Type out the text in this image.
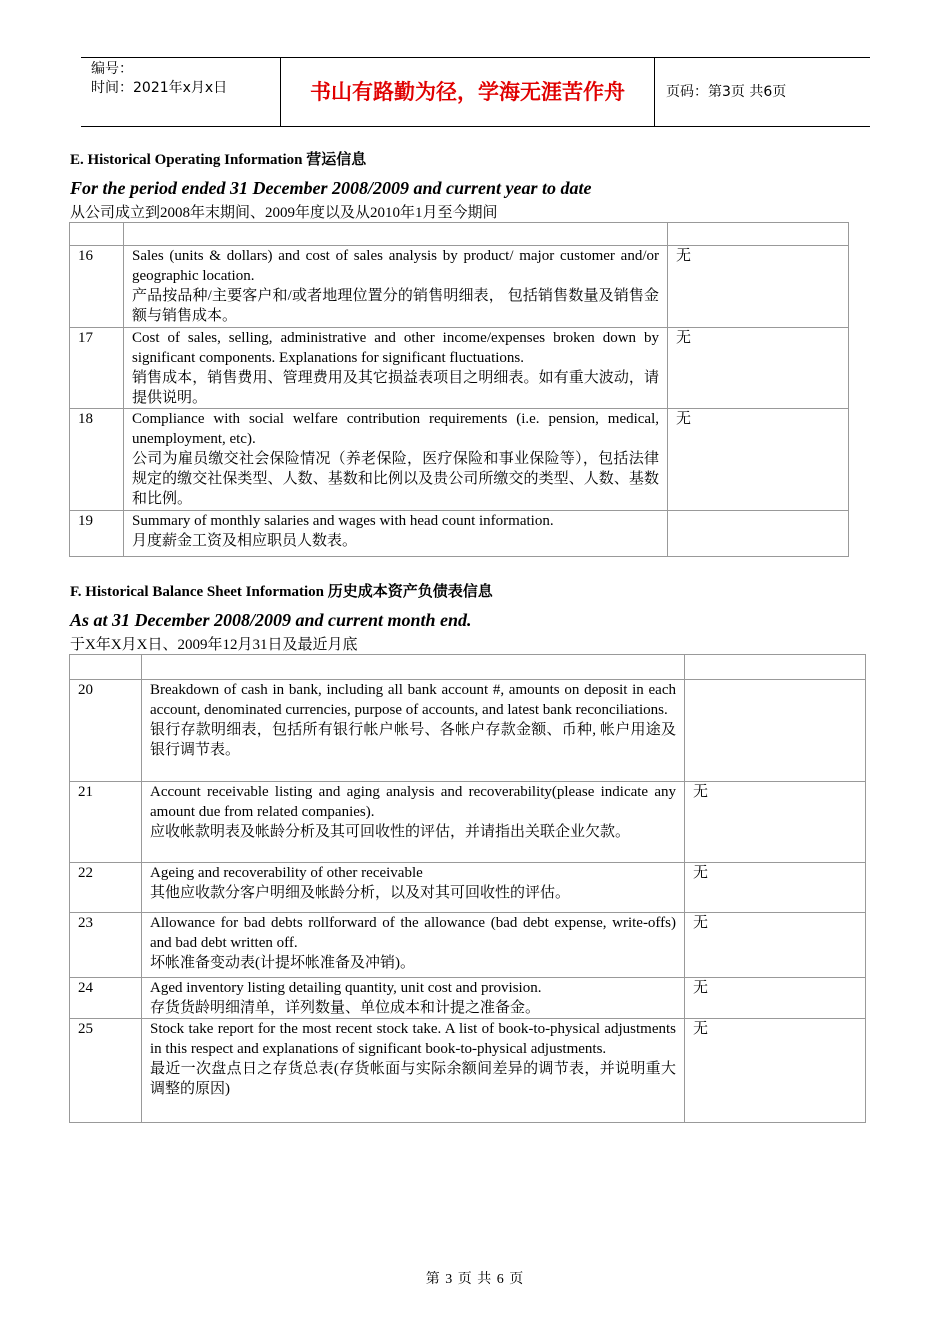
编号：
时间：2021年x月x日	书山有路勤为径，学海无涯苦作舟	页码：第3页 共6页
E. Historical Operating Information 营运信息
For the period ended 31 December 2008/2009 and current year to date
从公司成立到2008年末期间、2009年度以及从2010年1月至今期间

16	Sales (units & dollars) and cost of sales analysis by product/ major customer and/or geographic location.
产品按品种/主要客户和/或者地理位置分的销售明细表， 包括销售数量及销售金额与销售成本。	无
17	Cost of sales, selling, administrative and other income/expenses broken down by significant components. Explanations for significant fluctuations.
销售成本，销售费用、管理费用及其它损益表项目之明细表。如有重大波动，请提供说明。	无
18	Compliance with social welfare contribution requirements (i.e. pension, medical, unemployment, etc).
公司为雇员缴交社会保险情况（养老保险，医疗保险和事业保险等），包括法律规定的缴交社保类型、人数、基数和比例以及贵公司所缴交的类型、人数、基数和比例。	无
19	Summary of monthly salaries and wages with head count information.
月度薪金工资及相应职员人数表。	

F. Historical Balance Sheet Information 历史成本资产负债表信息
As at 31 December 2008/2009 and current month end.
于X年X月X日、2009年12月31日及最近月底

20	Breakdown of cash in bank, including all bank account #, amounts on deposit in each account, denominated currencies, purpose of accounts, and latest bank reconciliations.
银行存款明细表，包括所有银行帐户帐号、各帐户存款金额、币种, 帐户用途及银行调节表。	

21	Account receivable listing and aging analysis and recoverability(please indicate any amount due from related companies).
应收帐款明表及帐龄分析及其可回收性的评估，并请指出关联企业欠款。	无
22	Ageing and recoverability of other receivable
其他应收款分客户明细及帐龄分析，以及对其可回收性的评估。	无
23	Allowance for bad debts rollforward of the allowance (bad debt expense, write-offs) and bad debt written off.
坏帐准备变动表(计提坏帐准备及冲销)。	无
24	Aged inventory listing detailing quantity, unit cost and provision.
存货货龄明细清单，详列数量、单位成本和计提之准备金。	无
25	Stock take report for the most recent stock take. A list of book-to-physical adjustments in this respect and explanations of significant book-to-physical adjustments.
最近一次盘点日之存货总表(存货帐面与实际余额间差异的调节表，并说明重大调整的原因)	无
第 3 页 共 6 页
